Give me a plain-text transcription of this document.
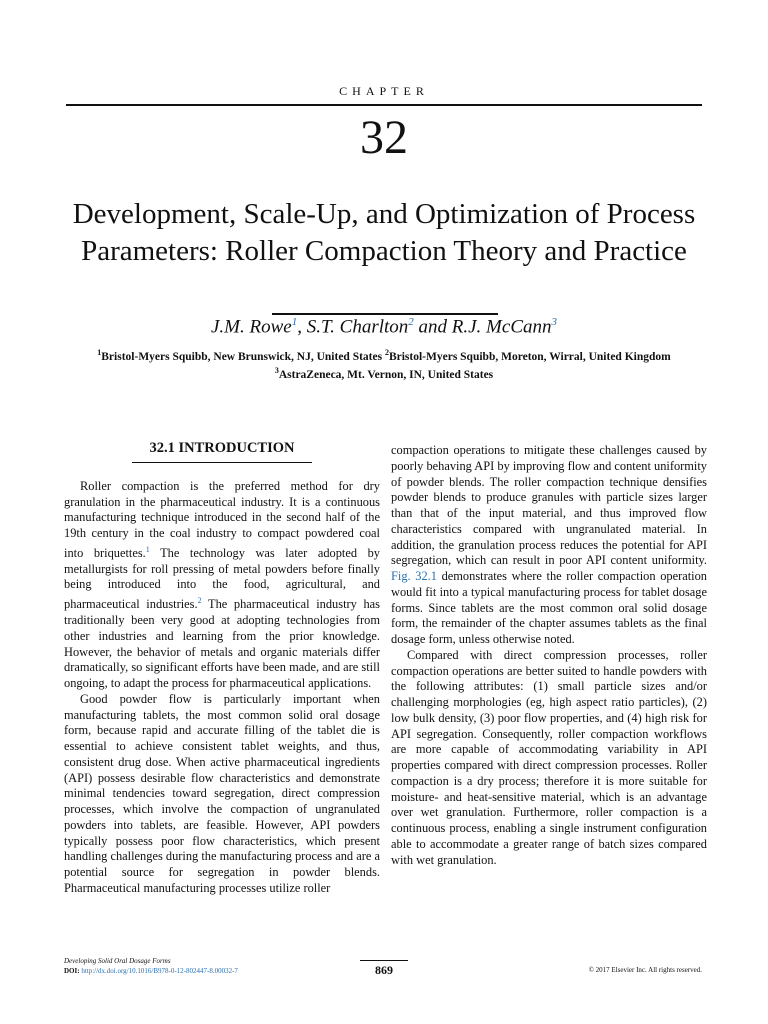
CHAPTER
32
Development, Scale-Up, and Optimization of Process Parameters: Roller Compaction Theory and Practice
J.M. Rowe$^1$, S.T. Charlton$^2$ and R.J. McCann$^3$
$^1$Bristol-Myers Squibb, New Brunswick, NJ, United States $^2$Bristol-Myers Squibb, Moreton, Wirral, United Kingdom
$^3$AstraZeneca, Mt. Vernon, IN, United States
32.1 INTRODUCTION

Roller compaction is the preferred method for dry granulation in the pharmaceutical industry. It is a continuous manufacturing technique introduced in the second half of the 19th century in the coal industry to compact powdered coal into briquettes.$^1$ The technology was later adopted by metallurgists for roll pressing of metal powders before finally being introduced into the food, agricultural, and pharmaceutical industries.$^2$ The pharmaceutical industry has traditionally been very good at adopting technologies from other industries and learning from the prior knowledge. However, the behavior of metals and organic materials differ dramatically, so significant efforts have been made, and are still ongoing, to adapt the process for pharmaceutical applications.

Good powder flow is particularly important when manufacturing tablets, the most common solid oral dosage form, because rapid and accurate filling of the tablet die is essential to achieve consistent tablet weights, and thus, consistent drug dose. When active pharmaceutical ingredients (API) possess desirable flow characteristics and demonstrate minimal tendencies toward segregation, direct compression processes, which involve the compaction of ungranulated powders into tablets, are feasible. However, API powders typically possess poor flow characteristics, which present handling challenges during the manufacturing process and are a potential source for segregation in powder blends. Pharmaceutical manufacturing processes utilize roller

compaction operations to mitigate these challenges caused by poorly behaving API by improving flow and content uniformity of powder blends. The roller compaction technique densifies powder blends to produce granules with particle sizes larger than that of the input material, and thus improved flow characteristics compared with ungranulated material. In addition, the granulation process reduces the potential for API segregation, which can result in poor API content uniformity. Fig. 32.1 demonstrates where the roller compaction operation would fit into a typical manufacturing process for tablet dosage forms. Since tablets are the most common oral solid dosage form, the remainder of the chapter assumes tablets as the final dosage form, unless otherwise noted.

Compared with direct compression processes, roller compaction operations are better suited to handle powders with the following attributes: (1) small particle sizes and/or challenging morphologies (eg, high aspect ratio particles), (2) low bulk density, (3) poor flow properties, and (4) high risk for API segregation. Consequently, roller compaction workflows are more capable of accommodating variability in API properties compared with direct compression processes. Roller compaction is a dry process; therefore it is more suitable for moisture- and heat-sensitive material, which is an advantage over wet granulation. Furthermore, roller compaction is a continuous process, enabling a single instrument configuration able to accommodate a greater range of batch sizes compared with wet granulation.

Developing Solid Oral Dosage Forms
DOI: http://dx.doi.org/10.1016/B978-0-12-802447-8.00032-7	869	© 2017 Elsevier Inc. All rights reserved.
